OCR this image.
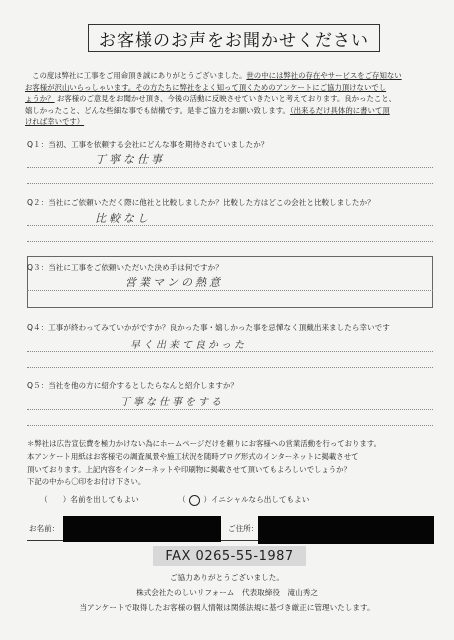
お客様のお声をお聞かせください
この度は弊社に工事をご用命頂き誠にありがとうございました。世の中には弊社の存在やサービスをご存知ない
お客様が沢山いらっしゃいます。その方たちに弊社をよく知って頂くためのアンケートにご協力頂けないでし
ょうか？ お客様のご意見をお聞かせ頂き、今後の活動に反映させていきたいと考えております。良かったこと、
嬉しかったこと、どんな些細な事でも結構です。是非ご協力をお願い致します。（出来るだけ具体的に書いて頂
ければ幸いです）
Q１：当初、工事を依頼する会社にどんな事を期待されていましたか？
丁寧な仕事
Q２：当社にご依頼いただく際に他社と比較しましたか？比較した方はどこの会社と比較しましたか？
比較なし
Q３：当社に工事をご依頼いただいた決め手は何ですか？
営業マンの熱意
Q４：工事が終わってみていかがですか？良かった事・嬉しかった事を忌憚なく頂戴出来ましたら幸いです
早く出来て良かった
Q５：当社を他の方に紹介するとしたらなんと紹介しますか？
丁寧な仕事をする
＊弊社は広告宣伝費を極力かけない為にホームページだけを頼りにお客様への営業活動を行っております。
本アンケート用紙はお客様宅の調査風景や施工状況を随時ブログ形式のインターネットに掲載させて
頂いております。上記内容をインターネットや印刷物に掲載させて頂いてもよろしいでしょうか？
下記の中から〇印をお付け下さい。
（　　）名前を出してもよい	（ ）イニシャルなら出してもよい
お名前：	ご住所：
FAX 0265-55-1987
ご協力ありがとうございました。
株式会社たのしいリフォーム　代表取締役　滝山秀之
当アンケートで取得したお客様の個人情報は関係法規に基づき厳正に管理いたします。
